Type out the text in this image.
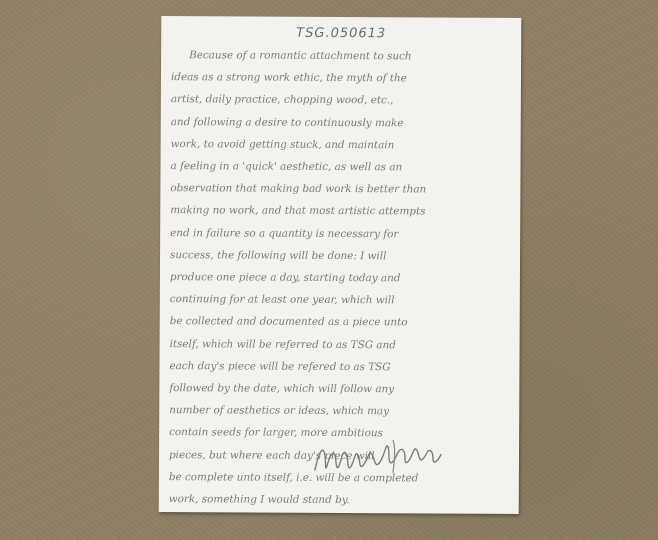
TSG.050613
Because of a romantic attachment to such
ideas as a strong work ethic, the myth of the
artist, daily practice, chopping wood, etc.,
and following a desire to continuously make
work, to avoid getting stuck, and maintain
a feeling in a 'quick' aesthetic, as well as an
observation that making bad work is better than
making no work, and that most artistic attempts
end in failure so a quantity is necessary for
success, the following will be done: I will
produce one piece a day, starting today and
continuing for at least one year, which will
be collected and documented as a piece unto
itself, which will be referred to as TSG and
each day's piece will be refered to as TSG
followed by the date, which will follow any
number of aesthetics or ideas, which may
contain seeds for larger, more ambitious
pieces, but where each day's piece will
be complete unto itself, i.e. will be a completed
work, something I would stand by.
